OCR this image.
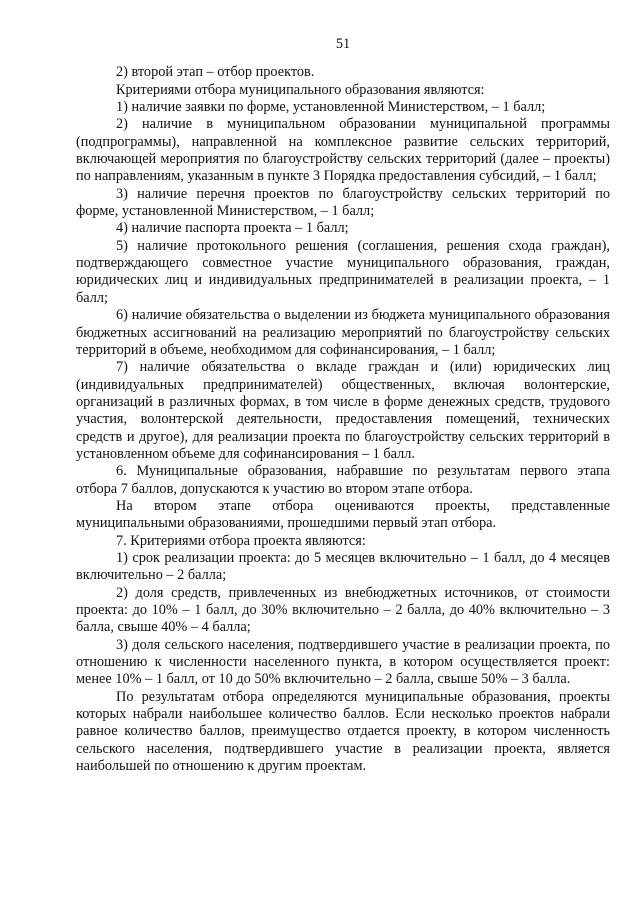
51

2) второй этап – отбор проектов.

Критериями отбора муниципального образования являются:

1) наличие заявки по форме, установленной Министерством, – 1 балл;

2) наличие в муниципальном образовании муниципальной программы (подпрограммы), направленной на комплексное развитие сельских территорий, включающей мероприятия по благоустройству сельских территорий (далее – проекты) по направлениям, указанным в пункте 3 Порядка предоставления субсидий, – 1 балл;

3) наличие перечня проектов по благоустройству сельских территорий по форме, установленной Министерством, – 1 балл;

4) наличие паспорта проекта – 1 балл;

5) наличие протокольного решения (соглашения, решения схода граждан), подтверждающего совместное участие муниципального образования, граждан, юридических лиц и индивидуальных предпринимателей в реализации проекта, – 1 балл;

6) наличие обязательства о выделении из бюджета муниципального образования бюджетных ассигнований на реализацию мероприятий по благоустройству сельских территорий в объеме, необходимом для софинансирования, – 1 балл;

7) наличие обязательства о вкладе граждан и (или) юридических лиц (индивидуальных предпринимателей) общественных, включая волонтерские, организаций в различных формах, в том числе в форме денежных средств, трудового участия, волонтерской деятельности, предоставления помещений, технических средств и другое), для реализации проекта по благоустройству сельских территорий в установленном объеме для софинансирования – 1 балл.

6. Муниципальные образования, набравшие по результатам первого этапа отбора 7 баллов, допускаются к участию во втором этапе отбора.

На втором этапе отбора оцениваются проекты, представленные муниципальными образованиями, прошедшими первый этап отбора.

7. Критериями отбора проекта являются:

1) срок реализации проекта: до 5 месяцев включительно – 1 балл, до 4 месяцев включительно – 2 балла;

2) доля средств, привлеченных из внебюджетных источников, от стоимости проекта: до 10% – 1 балл, до 30% включительно – 2 балла, до 40% включительно – 3 балла, свыше 40% – 4 балла;

3) доля сельского населения, подтвердившего участие в реализации проекта, по отношению к численности населенного пункта, в котором осуществляется проект: менее 10% – 1 балл, от 10 до 50% включительно – 2 балла, свыше 50% – 3 балла.

По результатам отбора определяются муниципальные образования, проекты которых набрали наибольшее количество баллов. Если несколько проектов набрали равное количество баллов, преимущество отдается проекту, в котором численность сельского населения, подтвердившего участие в реализации проекта, является наибольшей по отношению к другим проектам.
